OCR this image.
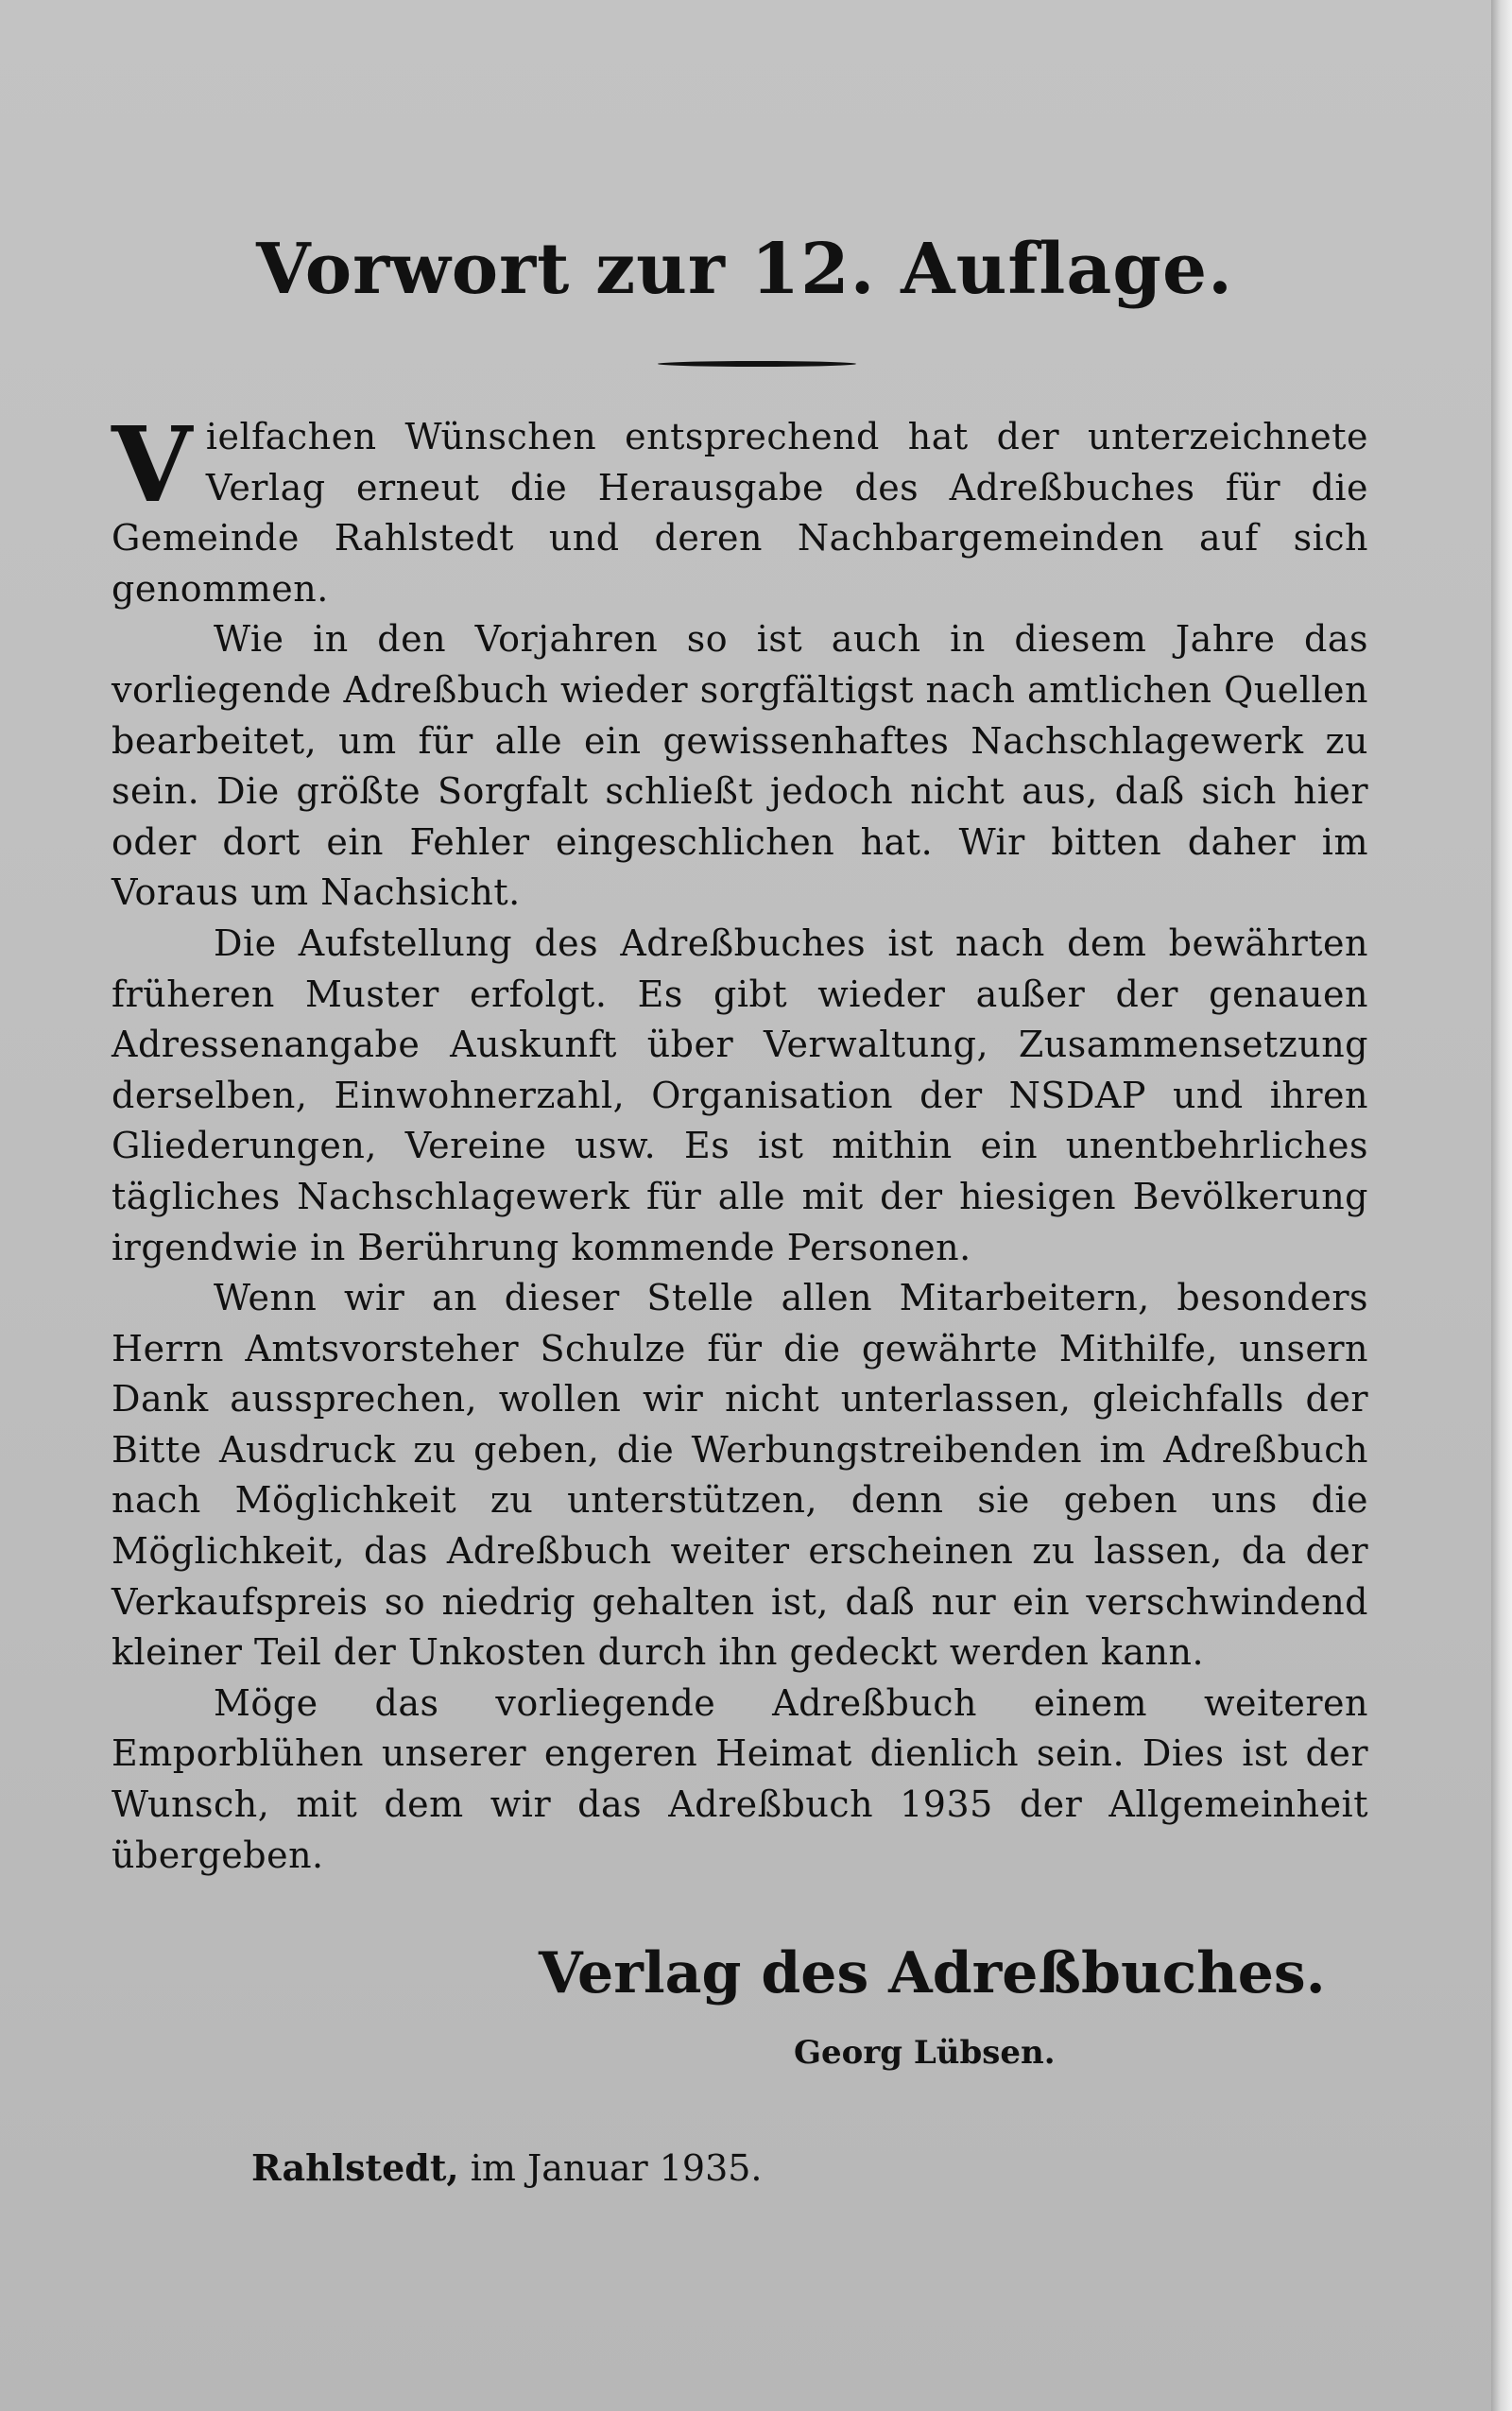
Vorwort zur 12. Auflage.

Vielfachen Wünschen entsprechend hat der unterzeichnete Verlag erneut die Herausgabe des Adreßbuches für die Gemeinde Rahlstedt und deren Nachbargemeinden auf sich genommen.

Wie in den Vorjahren so ist auch in diesem Jahre das vorliegende Adreßbuch wieder sorgfältigst nach amtlichen Quellen bearbeitet, um für alle ein gewissenhaftes Nachschlagewerk zu sein. Die größte Sorgfalt schließt jedoch nicht aus, daß sich hier oder dort ein Fehler eingeschlichen hat. Wir bitten daher im Voraus um Nachsicht.

Die Aufstellung des Adreßbuches ist nach dem bewährten früheren Muster erfolgt. Es gibt wieder außer der genauen Adressenangabe Auskunft über Verwaltung, Zusammensetzung derselben, Einwohnerzahl, Organisation der NSDAP und ihren Gliederungen, Vereine usw. Es ist mithin ein unentbehrliches tägliches Nachschlagewerk für alle mit der hiesigen Bevölkerung irgendwie in Berührung kommende Personen.

Wenn wir an dieser Stelle allen Mitarbeitern, besonders Herrn Amtsvorsteher Schulze für die gewährte Mithilfe, unsern Dank aussprechen, wollen wir nicht unterlassen, gleichfalls der Bitte Ausdruck zu geben, die Werbungstreibenden im Adreßbuch nach Möglichkeit zu unterstützen, denn sie geben uns die Möglichkeit, das Adreßbuch weiter erscheinen zu lassen, da der Verkaufspreis so niedrig gehalten ist, daß nur ein verschwindend kleiner Teil der Unkosten durch ihn gedeckt werden kann.

Möge das vorliegende Adreßbuch einem weiteren Emporblühen unserer engeren Heimat dienlich sein. Dies ist der Wunsch, mit dem wir das Adreßbuch 1935 der Allgemeinheit übergeben.

Verlag des Adreßbuches.

Georg Lübsen.

Rahlstedt, im Januar 1935.
